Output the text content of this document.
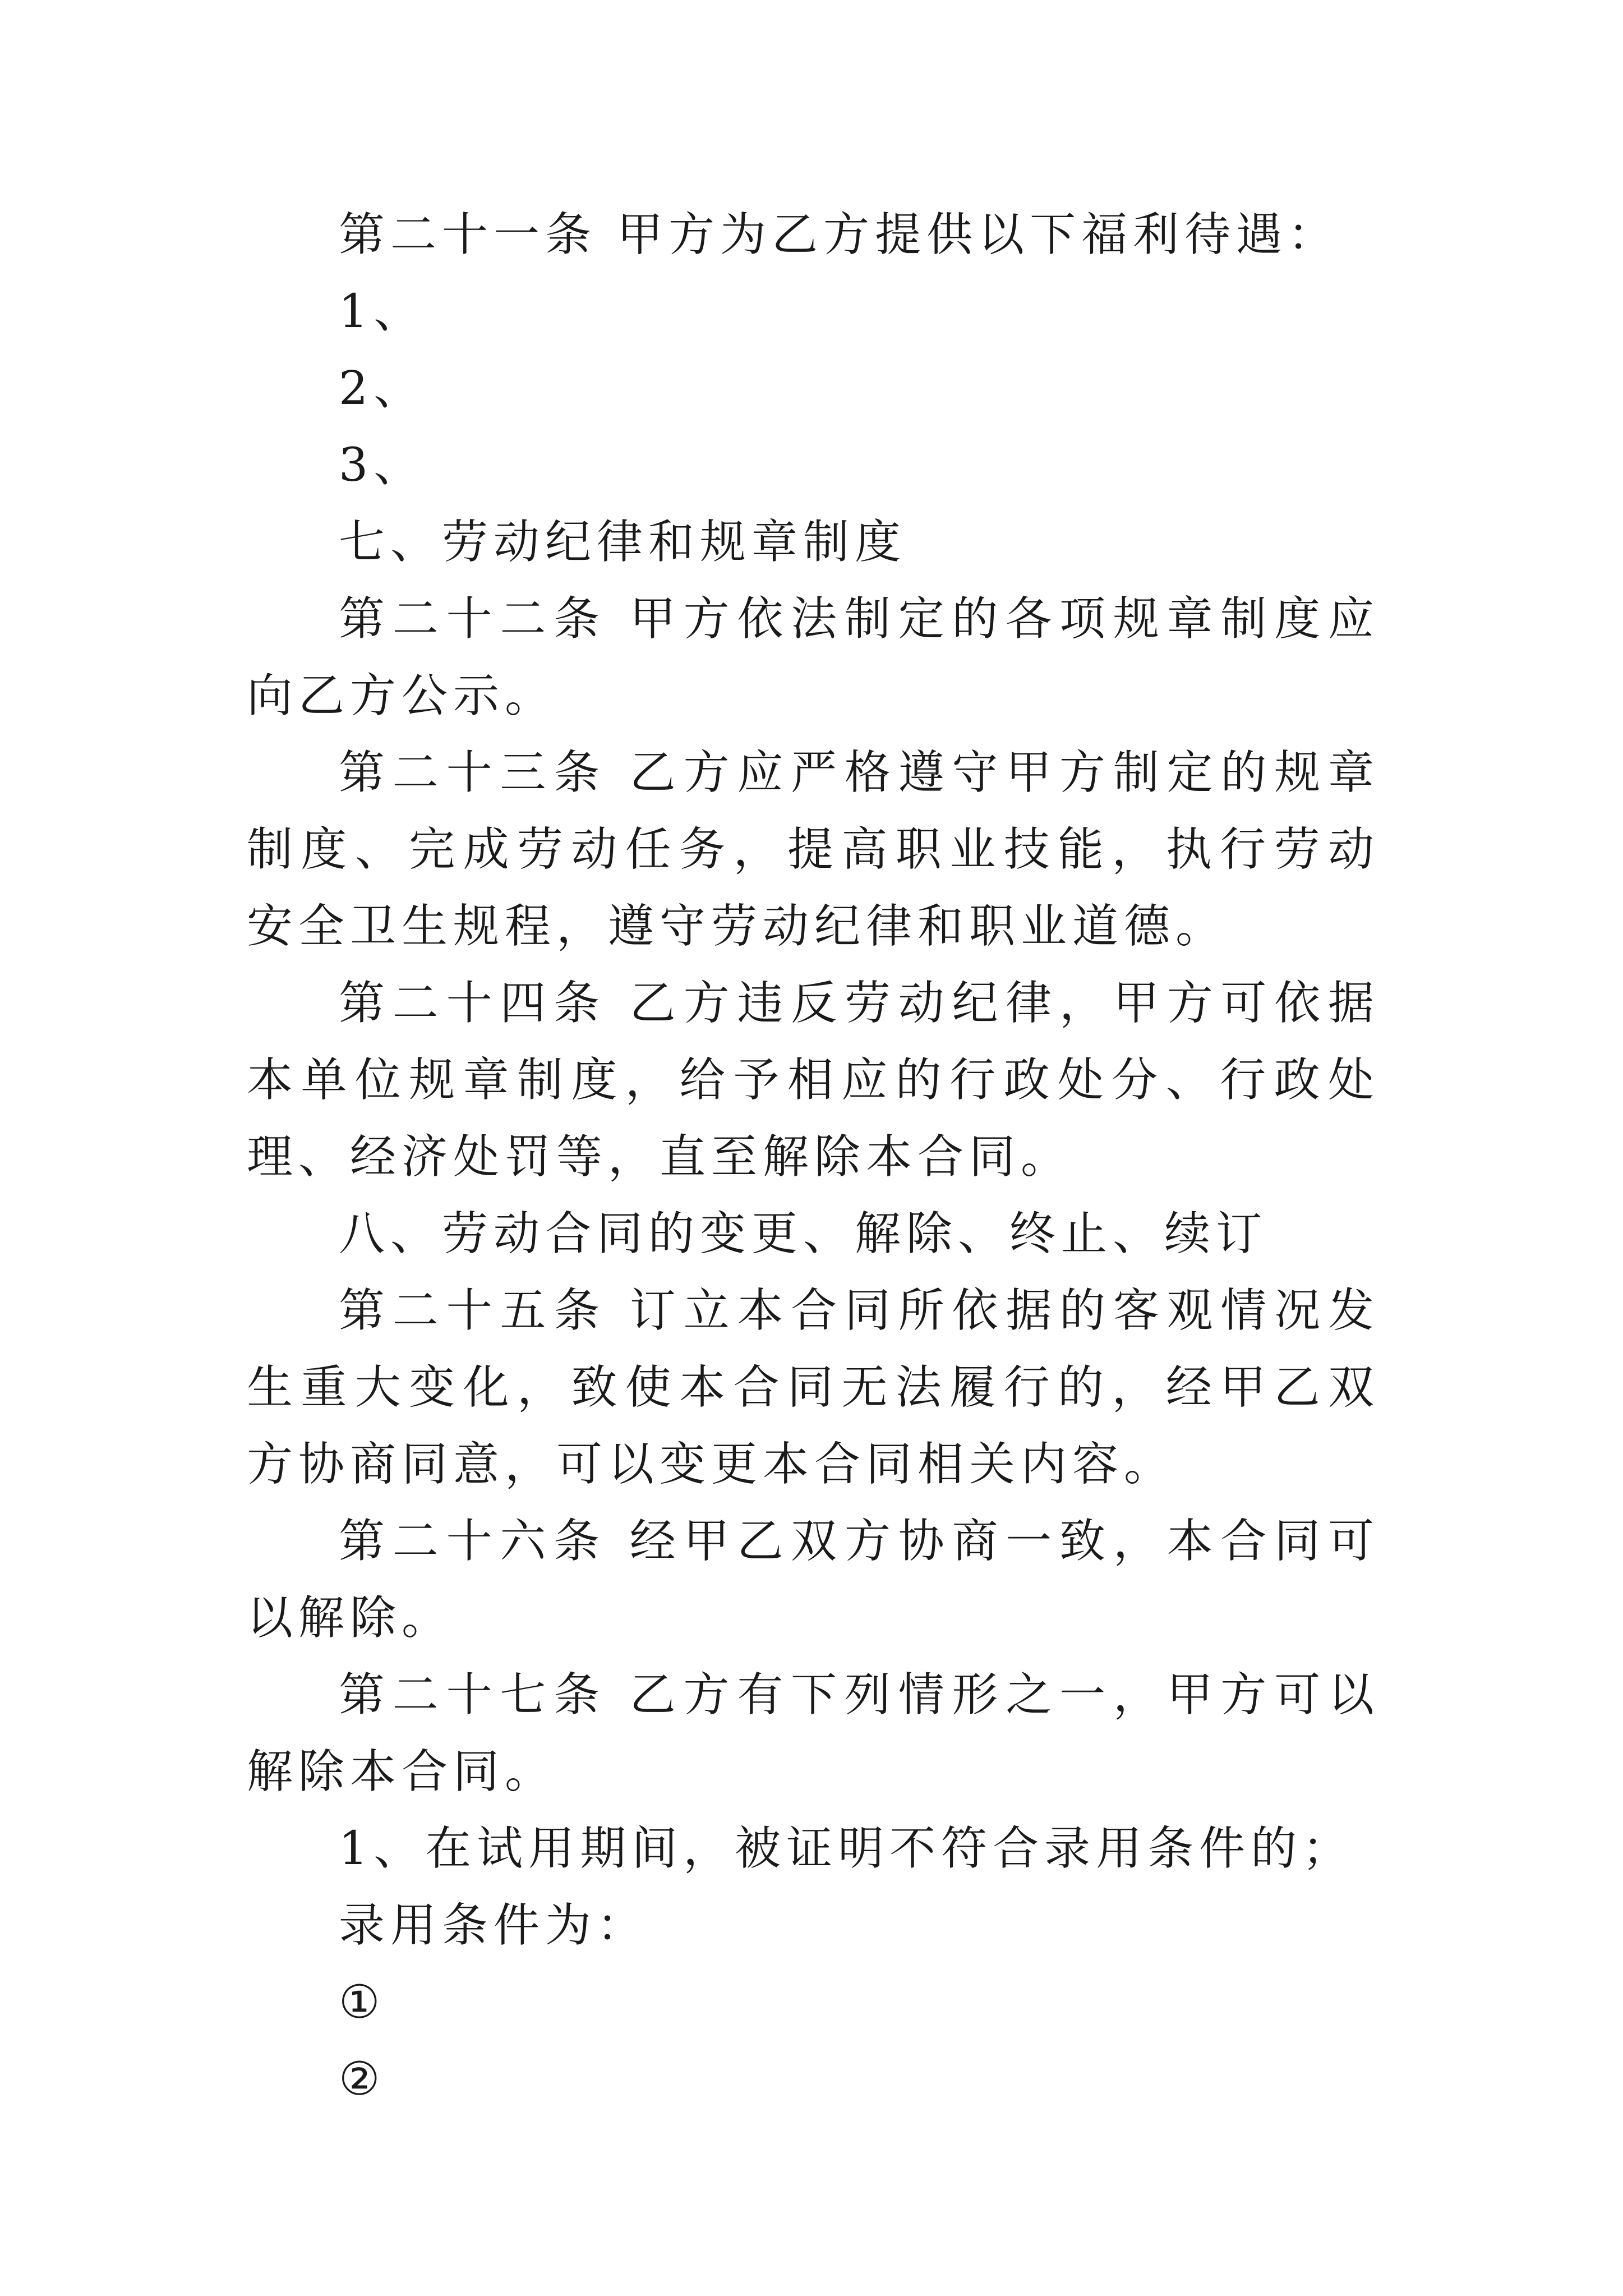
第二十一条 甲方为乙方提供以下福利待遇：

1、

2、

3、

七、劳动纪律和规章制度

第二十二条 甲方依法制定的各项规章制度应向乙方公示。

第二十三条 乙方应严格遵守甲方制定的规章制度、完成劳动任务，提高职业技能，执行劳动安全卫生规程，遵守劳动纪律和职业道德。

第二十四条 乙方违反劳动纪律，甲方可依据本单位规章制度，给予相应的行政处分、行政处理、经济处罚等，直至解除本合同。

八、劳动合同的变更、解除、终止、续订

第二十五条 订立本合同所依据的客观情况发生重大变化，致使本合同无法履行的，经甲乙双方协商同意，可以变更本合同相关内容。

第二十六条 经甲乙双方协商一致，本合同可以解除。

第二十七条 乙方有下列情形之一，甲方可以解除本合同。

1、在试用期间，被证明不符合录用条件的；

录用条件为：

①

②
